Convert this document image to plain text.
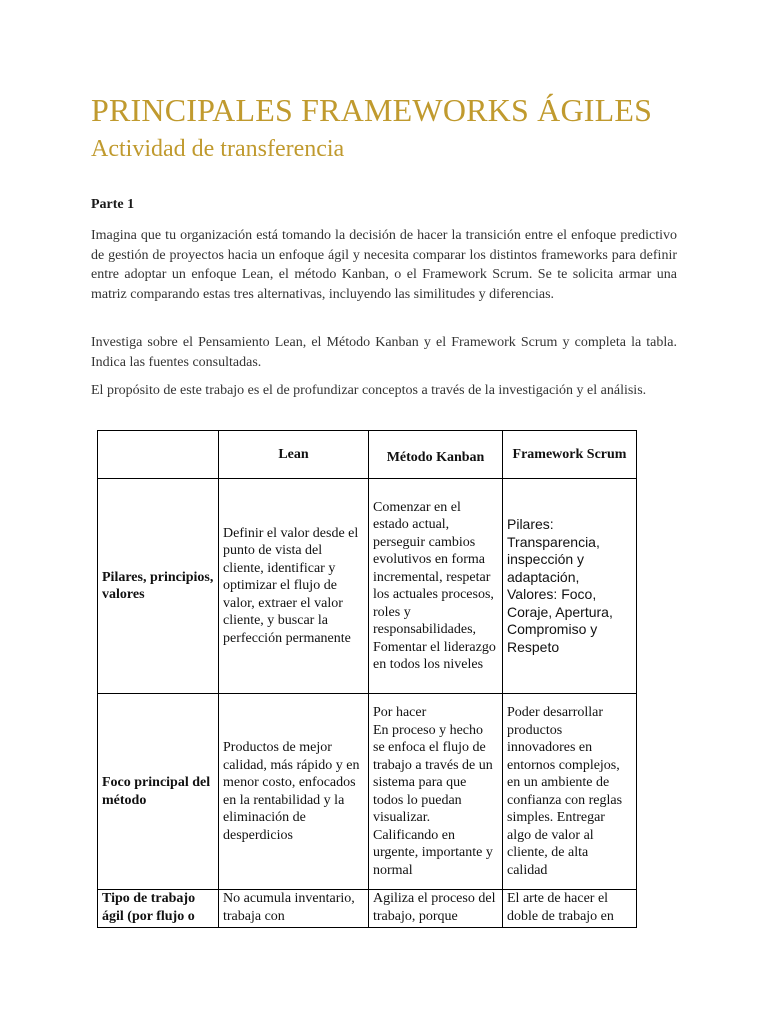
PRINCIPALES FRAMEWORKS ÁGILES
Actividad de transferencia
Parte 1
Imagina que tu organización está tomando la decisión de hacer la transición entre el enfoque predictivo de gestión de proyectos hacia un enfoque ágil y necesita comparar los distintos frameworks para definir entre adoptar un enfoque Lean, el método Kanban, o el Framework Scrum. Se te solicita armar una matriz comparando estas tres alternativas, incluyendo las similitudes y diferencias.
Investiga sobre el Pensamiento Lean, el Método Kanban y el Framework Scrum y completa la tabla. Indica las fuentes consultadas.
El propósito de este trabajo es el de profundizar conceptos a través de la investigación y el análisis.
	Lean	Método Kanban	Framework Scrum
Pilares, principios, valores	Definir el valor desde el punto de vista del cliente, identificar y optimizar el flujo de valor, extraer el valor cliente, y buscar la perfección permanente	Comenzar en el estado actual, perseguir cambios evolutivos en forma incremental, respetar los actuales procesos, roles y responsabilidades, Fomentar el liderazgo en todos los niveles	Pilares: Transparencia, inspección y adaptación, Valores: Foco, Coraje, Apertura, Compromiso y Respeto
Foco principal del método	Productos de mejor calidad, más rápido y en menor costo, enfocados en la rentabilidad y la eliminación de desperdicios	Por hacer
En proceso y hecho se enfoca el flujo de trabajo a través de un sistema para que todos lo puedan visualizar. Calificando en urgente, importante y normal	Poder desarrollar productos innovadores en entornos complejos, en un ambiente de confianza con reglas simples. Entregar algo de valor al cliente, de alta calidad

Tipo de trabajo ágil (por flujo o	No acumula inventario, trabaja con	Agiliza el proceso del trabajo, porque	El arte de hacer el doble de trabajo en
